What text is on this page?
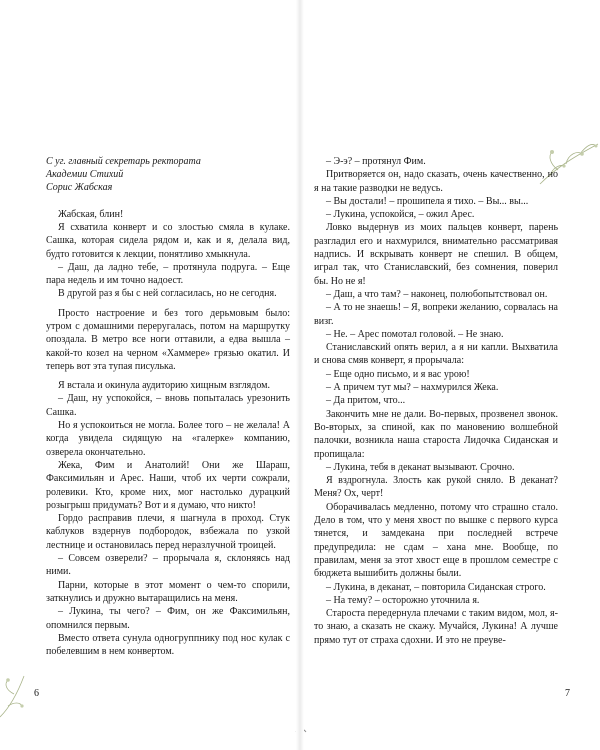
С уг. главный секретарь ректората

Академии Стихий

Сорис Жабская

Жабская, блин!

Я схватила конверт и со злостью смяла в кулаке. Сашка, которая сидела рядом и, как и я, делала вид, будто готовится к лекции, понятливо хмыкнула.

– Даш, да ладно тебе, – протянула подруга. – Еще пара недель и им точно надоест.

В другой раз я бы с ней согласилась, но не сегодня.

Просто настроение и без того дерьмовым было: утром с домашними переругалась, потом на маршрутку опоздала. В метро все ноги оттавили, а едва вышла – какой-то козел на черном «Хаммере» грязью окатил. И теперь вот эта тупая писулька.

Я встала и окинула аудиторию хищным взглядом.

– Даш, ну успокойся, – вновь попыталась урезонить Сашка.

Но я успокоиться не могла. Более того – не желала! А когда увидела сидящую на «галерке» компанию, озверела окончательно.

Жека, Фим и Анатолий! Они же Шараш, Факсимильян и Арес. Наши, чтоб их черти сожрали, ролевики. Кто, кроме них, мог настолько дурацкий розыгрыш придумать? Вот и я думаю, что никто!

Гордо расправив плечи, я шагнула в проход. Стук каблуков вздернув подбородок, взбежала по узкой лестнице и остановилась перед неразлучной троицей.

– Совсем озверели? – прорычала я, склоняясь над ними.

Парни, которые в этот момент о чем-то спорили, заткнулись и дружно вытаращились на меня.

– Лукина, ты чего? – Фим, он же Факсимильян, опомнился первым.

Вместо ответа сунула одногруппнику под нос кулак с побелевшим в нем конвертом.

– Э-э? – протянул Фим.

Притворяется он, надо сказать, очень качественно, но я на такие разводки не ведусь.

– Вы достали! – прошипела я тихо. – Вы... вы...

– Лукина, успокойся, – ожил Арес.

Ловко выдернув из моих пальцев конверт, парень разгладил его и нахмурился, внимательно рассматривая надпись. И вскрывать конверт не спешил. В общем, играл так, что Станиславский, без сомнения, поверил бы. Но не я!

– Даш, а что там? – наконец, полюбопытствовал он.

– А то не знаешь! – Я, вопреки желанию, сорвалась на визг.

– Не. – Арес помотал головой. – Не знаю.

Станиславский опять верил, а я ни капли. Выхватила и снова смяв конверт, я прорычала:

– Еще одно письмо, и я вас урою!

– А причем тут мы? – нахмурился Жека.

– Да притом, что...

Закончить мне не дали. Во-первых, прозвенел звонок. Во-вторых, за спиной, как по мановению волшебной палочки, возникла наша староста Лидочка Сиданская и пропищала:

– Лукина, тебя в деканат вызывают. Срочно.

Я вздрогнула. Злость как рукой сняло. В деканат? Меня? Ох, черт!

Оборачивалась медленно, потому что страшно стало. Дело в том, что у меня хвост по вышке с первого курса тянется, и замдекана при последней встрече предупредила: не сдам – хана мне. Вообще, по правилам, меня за этот хвост еще в прошлом семестре с бюджета вышибить должны были.

– Лукина, в деканат, – повторила Сиданская строго.

– На тему? – осторожно уточнила я.

Староста передернула плечами с таким видом, мол, я-то знаю, а сказать не скажу. Мучайся, Лукина! А лучше прямо тут от страха сдохни. И это не преуве-

6	7
